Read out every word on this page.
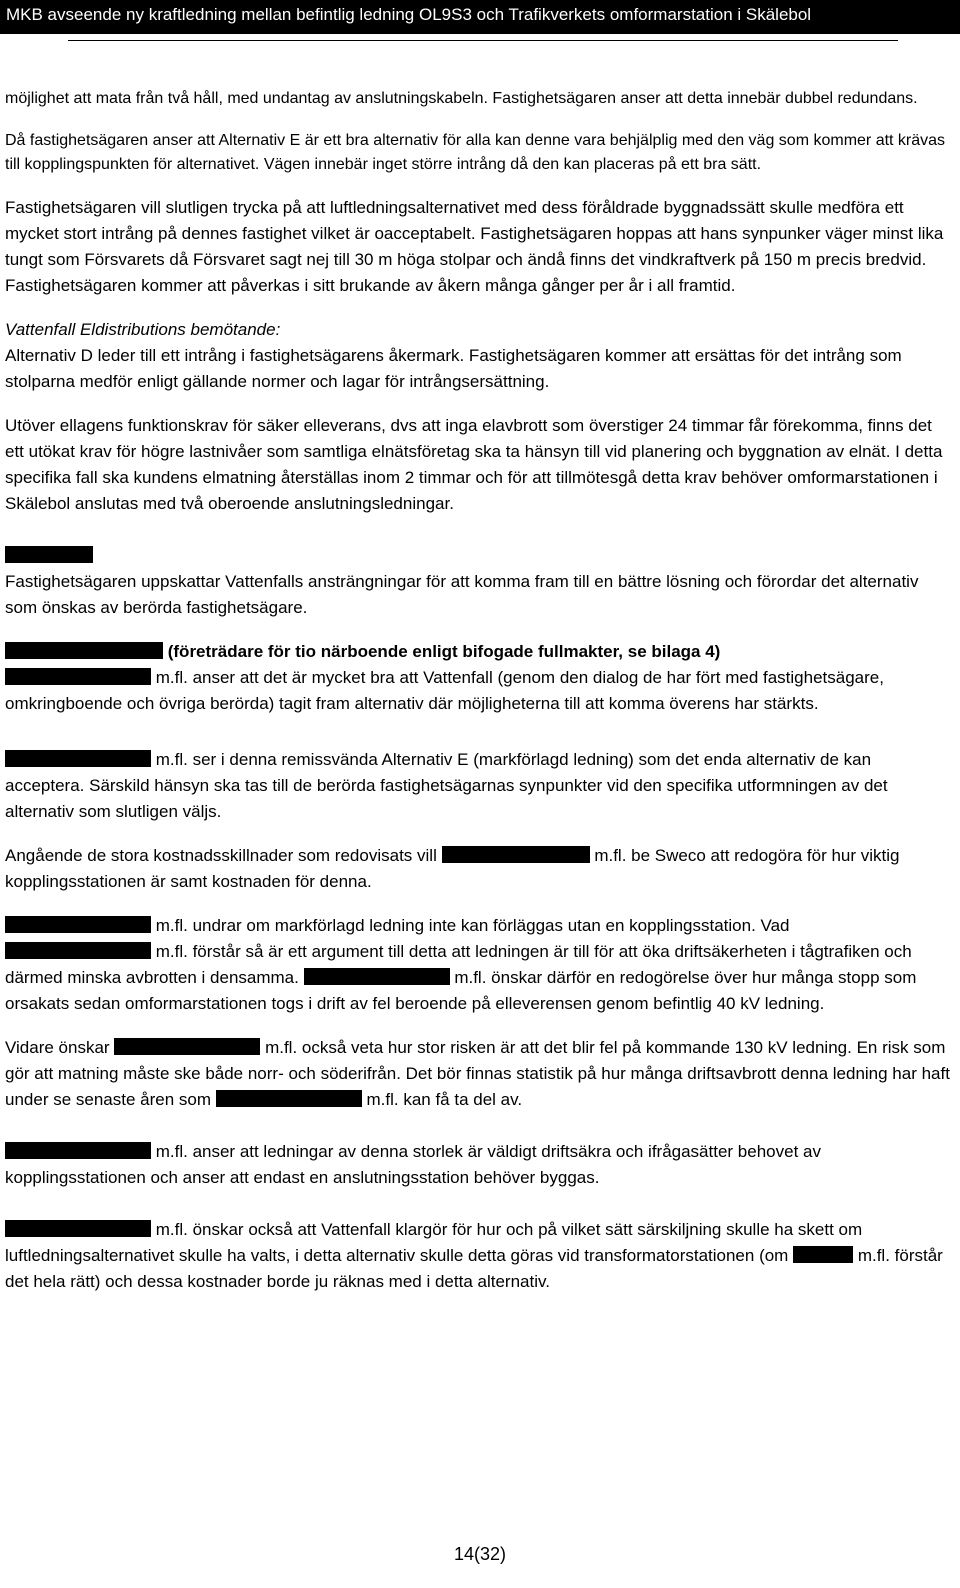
MKB avseende ny kraftledning mellan befintlig ledning OL9S3 och Trafikverkets omformarstation i Skälebol

möjlighet att mata från två håll, med undantag av anslutningskabeln. Fastighetsägaren anser att detta innebär dubbel redundans.

Då fastighetsägaren anser att Alternativ E är ett bra alternativ för alla kan denne vara behjälplig med den väg som kommer att krävas till kopplingspunkten för alternativet. Vägen innebär inget större intrång då den kan placeras på ett bra sätt.

Fastighetsägaren vill slutligen trycka på att luftledningsalternativet med dess föråldrade byggnadssätt skulle medföra ett mycket stort intrång på dennes fastighet vilket är oacceptabelt. Fastighetsägaren hoppas att hans synpunker väger minst lika tungt som Försvarets då Försvaret sagt nej till 30 m höga stolpar och ändå finns det vindkraftverk på 150 m precis bredvid. Fastighetsägaren kommer att påverkas i sitt brukande av åkern många gånger per år i all framtid.

Vattenfall Eldistributions bemötande:

Alternativ D leder till ett intrång i fastighetsägarens åkermark. Fastighetsägaren kommer att ersättas för det intrång som stolparna medför enligt gällande normer och lagar för intrångsersättning.

Utöver ellagens funktionskrav för säker elleverans, dvs att inga elavbrott som överstiger 24 timmar får förekomma, finns det ett utökat krav för högre lastnivåer som samtliga elnätsföretag ska ta hänsyn till vid planering och byggnation av elnät. I detta specifika fall ska kundens elmatning återställas inom 2 timmar och för att tillmötesgå detta krav behöver omformarstationen i Skälebol anslutas med två oberoende anslutningsledningar.

Fastighetsägaren uppskattar Vattenfalls ansträngningar för att komma fram till en bättre lösning och förordar det alternativ som önskas av berörda fastighetsägare.

(företrädare för tio närboende enligt bifogade fullmakter, se bilaga 4)

m.fl. anser att det är mycket bra att Vattenfall (genom den dialog de har fört med fastighetsägare, omkringboende och övriga berörda) tagit fram alternativ där möjligheterna till att komma överens har stärkts.

m.fl. ser i denna remissvända Alternativ E (markförlagd ledning) som det enda alternativ de kan acceptera. Särskild hänsyn ska tas till de berörda fastighetsägarnas synpunkter vid den specifika utformningen av det alternativ som slutligen väljs.

Angående de stora kostnadsskillnader som redovisats vill	m.fl. be Sweco att redogöra för hur viktig kopplingsstationen är samt kostnaden för denna.

m.fl. undrar om markförlagd ledning inte kan förläggas utan en kopplingsstation. Vad
m.fl. förstår så är ett argument till detta att ledningen är till för att öka driftsäkerheten i tågtrafiken och därmed minska avbrotten i densamma.	m.fl. önskar därför en redogörelse över hur många stopp som orsakats sedan omformarstationen togs i drift av fel beroende på elleverensen genom befintlig 40 kV ledning.

Vidare önskar	m.fl. också veta hur stor risken är att det blir fel på kommande 130 kV ledning. En risk som gör att matning måste ske både norr- och söderifrån. Det bör finnas statistik på hur många driftsavbrott denna ledning har haft under se senaste åren som	m.fl. kan få ta del av.

m.fl. anser att ledningar av denna storlek är väldigt driftsäkra och ifrågasätter behovet av kopplingsstationen och anser att endast en anslutningsstation behöver byggas.

m.fl. önskar också att Vattenfall klargör för hur och på vilket sätt särskiljning skulle ha skett om luftledningsalternativet skulle ha valts, i detta alternativ skulle detta göras vid transformatorstationen (om	m.fl. förstår det hela rätt) och dessa kostnader borde ju räknas med i detta alternativ.

14(32)
